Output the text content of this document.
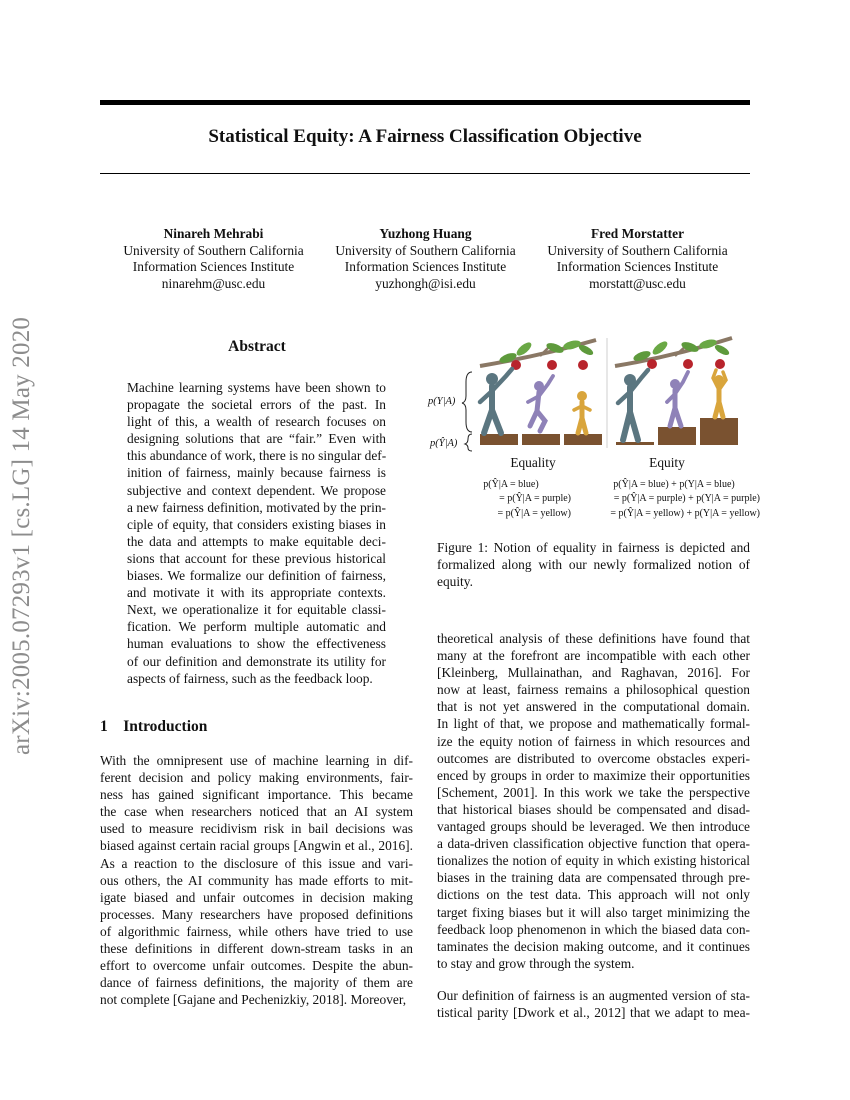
arXiv:2005.07293v1 [cs.LG] 14 May 2020
Statistical Equity: A Fairness Classification Objective
Ninareh Mehrabi
University of Southern California
Information Sciences Institute
ninarehm@usc.edu
Yuzhong Huang
University of Southern California
Information Sciences Institute
yuzhongh@isi.edu
Fred Morstatter
University of Southern California
Information Sciences Institute
morstatt@usc.edu
Abstract
Machine learning systems have been shown to
propagate the societal errors of the past. In
light of this, a wealth of research focuses on
designing solutions that are “fair.” Even with
this abundance of work, there is no singular def-
inition of fairness, mainly because fairness is
subjective and context dependent. We propose
a new fairness definition, motivated by the prin-
ciple of equity, that considers existing biases in
the data and attempts to make equitable deci-
sions that account for these previous historical
biases. We formalize our definition of fairness,
and motivate it with its appropriate contexts.
Next, we operationalize it for equitable classi-
fication. We perform multiple automatic and
human evaluations to show the effectiveness
of our definition and demonstrate its utility for
aspects of fairness, such as the feedback loop.
1 Introduction
With the omnipresent use of machine learning in dif-
ferent decision and policy making environments, fair-
ness has gained significant importance. This became
the case when researchers noticed that an AI system
used to measure recidivism risk in bail decisions was
biased against certain racial groups [Angwin et al., 2016].
As a reaction to the disclosure of this issue and vari-
ous others, the AI community has made efforts to mit-
igate biased and unfair outcomes in decision making
processes. Many researchers have proposed definitions
of algorithmic fairness, while others have tried to use
these definitions in different down-stream tasks in an
effort to overcome unfair outcomes. Despite the abun-
dance of fairness definitions, the majority of them are
not complete [Gajane and Pechenizkiy, 2018]. Moreover,
p(Y|A)
p(Ŷ|A)
Equality	Equity
p(Ŷ|A = blue)
= p(Ŷ|A = purple)
= p(Ŷ|A = yellow)
p(Ŷ|A = blue) + p(Y|A = blue)
= p(Ŷ|A = purple) + p(Y|A = purple)
= p(Ŷ|A = yellow) + p(Y|A = yellow)
Figure 1: Notion of equality in fairness is depicted and
formalized along with our newly formalized notion of
equity.
theoretical analysis of these definitions have found that
many at the forefront are incompatible with each other
[Kleinberg, Mullainathan, and Raghavan, 2016]. For
now at least, fairness remains a philosophical question
that is not yet answered in the computational domain.
In light of that, we propose and mathematically formal-
ize the equity notion of fairness in which resources and
outcomes are distributed to overcome obstacles experi-
enced by groups in order to maximize their opportunities
[Schement, 2001]. In this work we take the perspective
that historical biases should be compensated and disad-
vantaged groups should be leveraged. We then introduce
a data-driven classification objective function that opera-
tionalizes the notion of equity in which existing historical
biases in the training data are compensated through pre-
dictions on the test data. This approach will not only
target fixing biases but it will also target minimizing the
feedback loop phenomenon in which the biased data con-
taminates the decision making outcome, and it continues
to stay and grow through the system.
Our definition of fairness is an augmented version of sta-
tistical parity [Dwork et al., 2012] that we adapt to mea-
